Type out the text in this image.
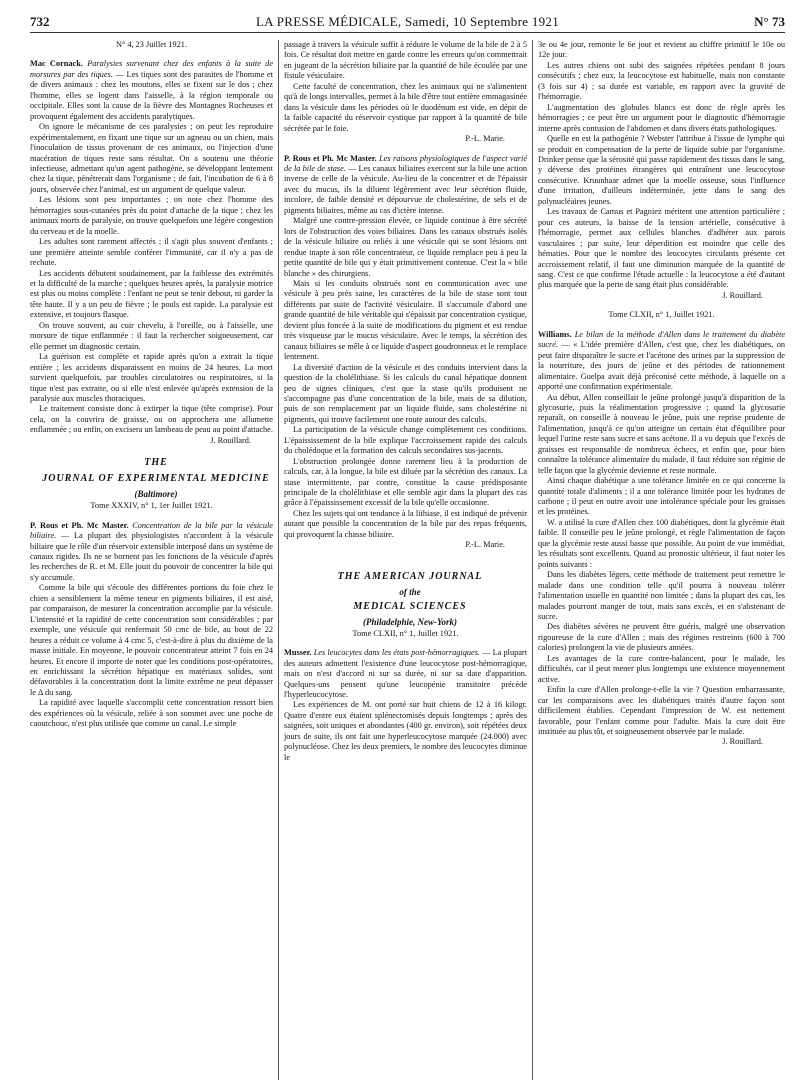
732	LA PRESSE MÉDICALE, Samedi, 10 Septembre 1921	N° 73

N° 4, 23 Juillet 1921.

Mac Cornack. Paralysies survenant chez des enfants à la suite de morsures par des tiques. — Les tiques sont des parasites de l'homme et de divers animaux : chez les moutons, elles se fixent sur le dos ; chez l'homme, elles se logent dans l'aisselle, à la région temporale ou occipitale. Elles sont la cause de la fièvre des Montagnes Rocheuses et provoquent également des accidents paralytiques.

On ignore le mécanisme de ces paralysies ; on peut les reproduire expérimentalement, en fixant une tique sur un agneau ou un chien, mais l'inoculation de tissus provenant de ces animaux, ou l'injection d'une macération de tiques reste sans résultat. On a soutenu une théorie infectieuse, admettant qu'un agent pathogène, se développant lentement chez la tique, pénétrerait dans l'organisme ; de fait, l'incubation de 6 à 8 jours, observée chez l'animal, est un argument de quelque valeur.

Les lésions sont peu importantes ; on note chez l'homme des hémorragies sous-cutanées près du point d'attache de la tique ; chez les animaux morts de paralysie, on trouve quelquefois une légère congestion du cerveau et de la moelle.

Les adultes sont rarement affectés ; il s'agit plus souvent d'enfants ; une première atteinte semble conférer l'immunité, car il n'y a pas de rechute.

Les accidents débutent soudainement, par la faiblesse des extrémités et la difficulté de la marche ; quelques heures après, la paralysie motrice est plus ou moins complète : l'enfant ne peut se tenir debout, ni garder la tête haute. Il y a un peu de fièvre ; le pouls est rapide. La paralysie est extensive, et toujours flasque.

On trouve souvent, au cuir chevelu, à l'oreille, ou à l'aisselle, une morsure de tique enflammée : il faut la rechercher soigneusement, car elle permet un diagnostic certain.

La guérison est complète et rapide après qu'on a extrait la tique entière ; les accidents disparaissent en moins de 24 heures. La mort survient quelquefois, par troubles circulatoires ou respiratoires, si la tique n'est pas extraite, ou si elle n'est enlevée qu'après extension de la paralysie aux muscles thoraciques.

Le traitement consiste donc à extirper la tique (tête comprise). Pour cela, on la couvrira de graisse, ou on approchera une allumette enflammée ; ou enfin, on excisera un lambeau de peau au point d'attache.

J. Rouillard.

THE

JOURNAL OF EXPERIMENTAL MEDICINE

(Baltimore)

Tome XXXIV, n° 1, 1er Juillet 1921.

P. Rous et Ph. Mc Master. Concentration de la bile par la vésicule biliaire. — La plupart des physiologistes n'accordent à la vésicule biliaire que le rôle d'un réservoir extensible interposé dans un système de canaux rigides. Ils ne se bornent pas les fonctions de la vésicule d'après les recherches de R. et M. Elle jouit du pouvoir de concentrer la bile qui s'y accumule.

Comme la bile qui s'écoule des différentes portions du foie chez le chien a sensiblement la même teneur en pigments biliaires, il est aisé, par comparaison, de mesurer la concentration accomplie par la vésicule. L'intensité et la rapidité de cette concentration sont considérables ; par exemple, une vésicule qui renfermait 50 cmc de bile, au bout de 22 heures a réduit ce volume à 4 cmc 5, c'est-à-dire à plus du dixième de la masse initiale. En moyenne, le pouvoir concentrateur atteint 7 fois en 24 heures. Et encore il importe de noter que les conditions post-opératoires, en enrichissant la sécrétion hépatique en matériaux solides, sont défavorables à la concentration dont la limite extrême ne peut dépasser le Δ du sang.

La rapidité avec laquelle s'accomplit cette concentration ressort bien des expériences où la vésicule, reliée à son sommet avec une poche de caoutchouc, n'est plus utilisée que comme un canal. Le simple

passage à travers la vésicule suffit à réduire le volume de la bile de 2 à 5 fois. Ce résultat doit mettre en garde contre les erreurs qu'on commettrait en jugeant de la sécrétion biliaire par la quantité de bile écoulée par une fistule vésiculaire.

Cette faculté de concentration, chez les animaux qui ne s'alimentent qu'à de longs intervalles, permet à la bile d'être tout entière emmagasinée dans la vésicule dans les périodes où le duodénum est vide, en dépit de la faible capacité du réservoir cystique par rapport à la quantité de bile sécrétée par le foie.

P.-L. Marie.

P. Rous et Ph. Mc Master. Les raisons physiologiques de l'aspect varié de la bile de stase. — Les canaux biliaires exercent sur la bile une action inverse de celle de la vésicule. Au-lieu de la concentrer et de l'épaissir avec du mucus, ils la diluent légèrement avec leur sécrétion fluide, incolore, de faible densité et dépourvue de cholestérine, de sels et de pigments biliaires, même au cas d'ictère intense.

Malgré une contre-pression élevée, ce liquide continue à être sécrété lors de l'obstruction des voies biliaires. Dans les canaux obstrués isolés de la vésicule biliaire ou reliés à une vésicule qui se sont lésions ont rendue inapte à son rôle concentrateur, ce liquide remplace peu à peu la petite quantité de bile qui y était primitivement contenue. C'est la « bile blanche » des chirurgiens.

Mais si les conduits obstrués sont en communication avec une vésicule à peu près saine, les caractères de la bile de stase sont tout différents par suite de l'activité vésiculaire. Il s'accumule d'abord une grande quantité de bile véritable qui s'épaissit par concentration cystique, devient plus foncée à la suite de modifications du pigment et est rendue très visqueuse par le mucus vésiculaire. Avec le temps, la sécrétion des canaux biliaires se mêle à ce liquide d'aspect goudronneux et le remplace lentement.

La diversité d'action de la vésicule et des conduits intervient dans la question de la cholélithiase. Si les calculs du canal hépatique donnent peu de signes cliniques, c'est que la stase qu'ils produisent ne s'accompagne pas d'une concentration de la bile, mais de sa dilution, puis de son remplacement par un liquide fluide, sans cholestérine ni pigments, qui trouve facilement une route autour des calculs.

La participation de la vésicule change complètement ces conditions. L'épaississement de la bile explique l'accroissement rapide des calculs du cholédoque et la formation des calculs secondaires sus-jacents.

L'obstruction prolongée donne rarement lieu à la production de calculs, car, à la longue, la bile est diluée par la sécrétion des canaux. La stase intermittente, par contre, constitue la cause prédisposante principale de la cholélithiase et elle semble agir dans la plupart des cas grâce à l'épaississement excessif de la bile qu'elle occasionne.

Chez les sujets qui ont tendance à la lithiase, il est indiqué de prévenir autant que possible la concentration de la bile par des repas fréquents, qui provoquent la chasse biliaire.

P.-L. Marie.

THE AMERICAN JOURNAL

of the

MEDICAL SCIENCES

(Philadelphie, New-York)

Tome CLXII, n° 1, Juillet 1921.

Musser. Les leucocytes dans les états post-hémorragiques. — La plupart des auteurs admettent l'existence d'une leucocytose post-hémorragique, mais on n'est d'accord ni sur sa durée, ni sur sa date d'apparition. Quelques-uns pensent qu'une leucopénie transitoire précède l'hyperleucocytose.

Les expériences de M. ont porté sur huit chiens de 12 à 16 kilogr. Quatre d'entre eux étaient splénectomisés depuis longtemps ; après des saignées, soit uniques et abondantes (400 gr. environ), soit répétées deux jours de suite, ils ont fait une hyperleucocytose marquée (24.000) avec polynucléose. Chez les deux premiers, le nombre des leucocytes diminue le

3e ou 4e jour, remonte le 6e jour et revient au chiffre primitif le 10e ou 12e jour.

Les autres chiens ont subi des saignées répétées pendant 8 jours consécutifs ; chez eux, la leucocytose est habituelle, mais non constante (3 fois sur 4) ; sa durée est variable, en rapport avec la gravité de l'hémorragie.

L'augmentation des globules blancs est donc de règle après les hémorragies ; ce peut être un argument pour le diagnostic d'hémorragie interne après contusion de l'abdomen et dans divers états pathologiques.

Quelle en est la pathogénie ? Webster l'attribue à l'issue de lymphe qui se produit en compensation de la perte de liquide subie par l'organisme. Drinker pense que la sérosité qui passe rapidement des tissus dans le sang, y déverse des protéines étrangères qui entraînent une leucocytose consécutive. Kruunhaar admet que la moelle osseuse, sous l'influence d'une irritation, d'ailleurs indéterminée, jette dans le sang des polynucléaires jeunes.

Les travaux de Camus et Pagniez méritent une attention particulière ; pour ces auteurs, la baisse de la tension artérielle, consécutive à l'hémorragie, permet aux cellules blanches d'adhérer aux parois vasculaires ; par suite, leur déperdition est moindre que celle des hématies. Pour que le nombre des leucocytes circulants présente cet accroissement relatif, il faut une diminution marquée de la quantité de sang. C'est ce que confirme l'étude actuelle : la leucocytose a été d'autant plus marquée que la perte de sang était plus considérable.

J. Rouillard.

Tome CLXII, n° 1, Juillet 1921.

Williams. Le bilan de la méthode d'Allen dans le traitement du diabète sucré. — « L'idée première d'Allen, c'est que, chez les diabétiques, on peut faire disparaître le sucre et l'acétone des urines par la suppression de la nourriture, des jours de jeûne et des périodes de rationnement alimentaire. Guelpa avait déjà préconisé cette méthode, à laquelle on a apporté une confirmation expérimentale.

Au début, Allen conseillait le jeûne prolongé jusqu'à disparition de la glycosurie, puis la réalimentation progressive ; quand la glycosurie reparaît, on conseille à nouveau le jeûne, puis une reprise prudente de l'alimentation, jusqu'à ce qu'on atteigne un certain état d'équilibre pour lequel l'urine reste sans sucre et sans acétone. Il a vu depuis que l'excès de graisses est responsable de nombreux échecs, et enfin que, pour bien connaître la tolérance alimentaire du malade, il faut réduire son régime de telle façon que la glycémie devienne et reste normale.

Ainsi chaque diabétique a une tolérance limitée en ce qui concerne la quantité totale d'aliments ; il a une tolérance limitée pour les hydrates de carbone ; il peut en outre avoir une intolérance spéciale pour les graisses et les protéines.

W. a utilisé la cure d'Allen chez 100 diabétiques, dont la glycémie était faible. Il conseille peu le jeûne prolongé, et règle l'alimentation de façon que la glycémie reste aussi basse que possible. Au point de vue immédiat, les résultats sont excellents. Quand au pronostic ultérieur, il faut noter les points suivants :

Dans les diabètes légers, cette méthode de traitement peut remettre le malade dans une condition telle qu'il pourra à nouveau tolérer l'alimentation usuelle en quantité non limitée ; dans la plupart des cas, les malades pourront manger de tout, mais sans excès, et en s'abstenant de sucre.

Des diabètes sévères ne peuvent être guéris, malgré une observation rigoureuse de la cure d'Allen ; mais des régimes restreints (600 à 700 calories) prolongent la vie de plusieurs années.

Les avantages de la cure contre-balancent, pour le malade, les difficultés, car il peut mener plus longtemps une existence moyennement active.

Enfin la cure d'Allen prolonge-t-elle la vie ? Question embarrassante, car les comparaisons avec les diabétiques traités d'autre façon sont difficilement établies. Cependant l'impression de W. est nettement favorable, pour l'enfant comme pour l'adulte. Mais la cure doit être instituée au plus tôt, et soigneusement observée par le malade.

J. Rouillard.
